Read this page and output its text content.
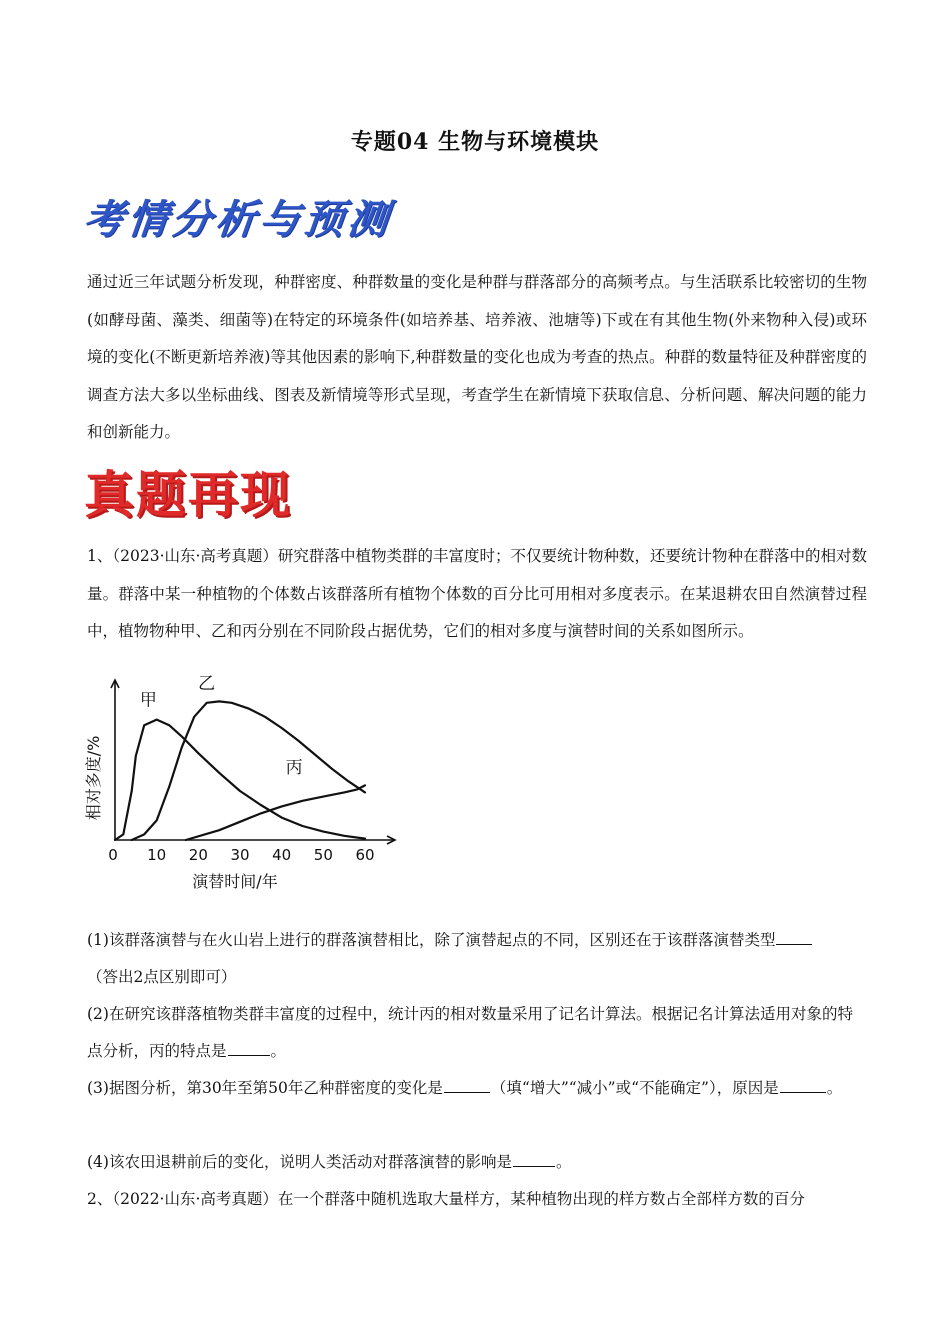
专题04 生物与环境模块
考情分析与预测
通过近三年试题分析发现，种群密度、种群数量的变化是种群与群落部分的高频考点。与生活联系比较密切的生物(如酵母菌、藻类、细菌等)在特定的环境条件(如培养基、培养液、池塘等)下或在有其他生物(外来物种入侵)或环境的变化(不断更新培养液)等其他因素的影响下,种群数量的变化也成为考查的热点。种群的数量特征及种群密度的调查方法大多以坐标曲线、图表及新情境等形式呈现，考查学生在新情境下获取信息、分析问题、解决问题的能力和创新能力。
真题再现
1、（2023·山东·高考真题）研究群落中植物类群的丰富度时；不仅要统计物种数，还要统计物种在群落中的相对数量。群落中某一种植物的个体数占该群落所有植物个体数的百分比可用相对多度表示。在某退耕农田自然演替过程中，植物物种甲、乙和丙分别在不同阶段占据优势，它们的相对多度与演替时间的关系如图所示。
0 10 20 30 40 50 60
甲
乙
丙
演替时间/年
相对多度/%
(1)该群落演替与在火山岩上进行的群落演替相比，除了演替起点的不同，区别还在于该群落演替类型
（答出2点区别即可）
(2)在研究该群落植物类群丰富度的过程中，统计丙的相对数量采用了记名计算法。根据记名计算法适用对象的特点分析，丙的特点是	。
(3)据图分析，第30年至第50年乙种群密度的变化是	（填“增大”“减小”或“不能确定”），原因是	。
(4)该农田退耕前后的变化，说明人类活动对群落演替的影响是	。
2、（2022·山东·高考真题）在一个群落中随机选取大量样方，某种植物出现的样方数占全部样方数的百分
